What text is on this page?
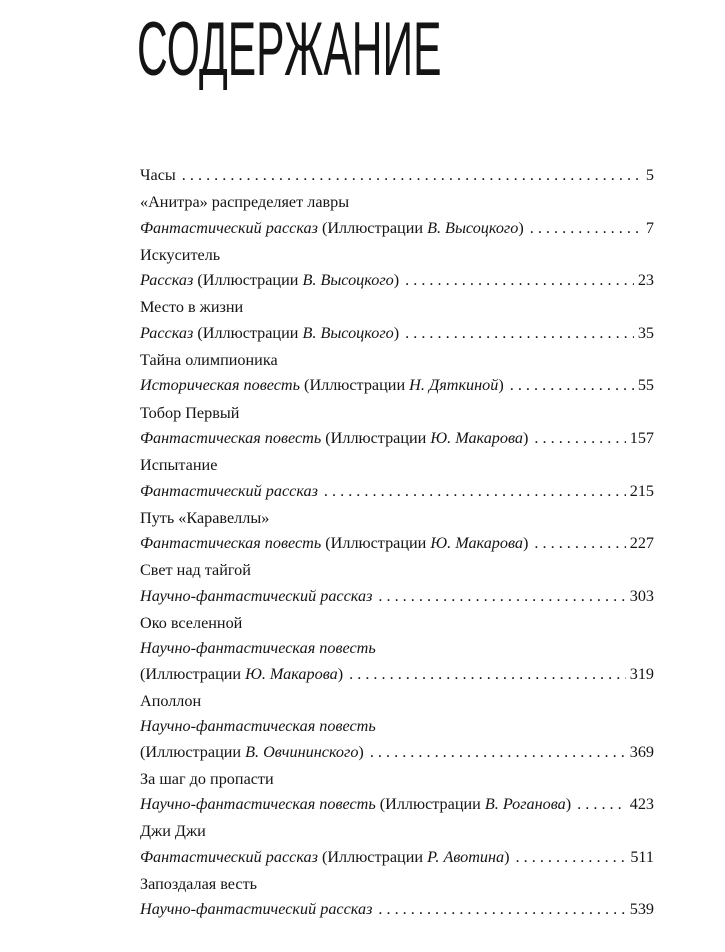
СОДЕРЖАНИЕ
Часы . . .	5
«Анитра» распределяет лавры
Фантастический рассказ (Иллюстрации В. Высоцкого) . . .	7
Искуситель
Рассказ (Иллюстрации В. Высоцкого) . . .	23
Место в жизни
Рассказ (Иллюстрации В. Высоцкого) . . .	35
Тайна олимпионика
Историческая повесть (Иллюстрации Н. Дяткиной) . . .	55
Тобор Первый
Фантастическая повесть (Иллюстрации Ю. Макарова) . . .	157
Испытание
Фантастический рассказ . . .	215
Путь «Каравеллы»
Фантастическая повесть (Иллюстрации Ю. Макарова) . . .	227
Свет над тайгой
Научно-фантастический рассказ . . .	303
Око вселенной
Научно-фантастическая повесть
(Иллюстрации Ю. Макарова) . . .	319
Аполлон
Научно-фантастическая повесть
(Иллюстрации В. Овчининского) . . .	369
За шаг до пропасти
Научно-фантастическая повесть (Иллюстрации В. Роганова) . . .	423
Джи Джи
Фантастический рассказ (Иллюстрации Р. Авотина) . . .	511
Запоздалая весть
Научно-фантастический рассказ . . .	539
